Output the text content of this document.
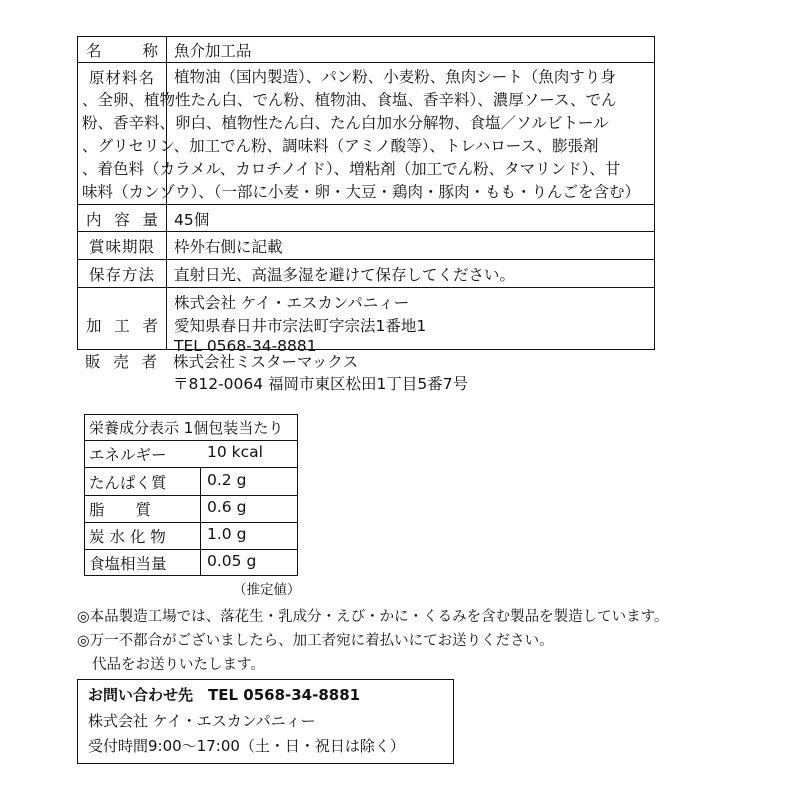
名	称 魚介加工品
原材料名	植物油（国内製造）、パン粉、小麦粉、魚肉シート（魚肉すり身
、全卵、植物性たん白、でん粉、植物油、食塩、香辛料）、濃厚ソース、でん
粉、香辛料、卵白、植物性たん白、たん白加水分解物、食塩／ソルビトール
、グリセリン、加工でん粉、調味料（アミノ酸等）、トレハロース、膨張剤
、着色料（カラメル、カロチノイド）、増粘剤（加工でん粉、タマリンド）、甘
味料（カンゾウ）、（一部に小麦・卵・大豆・鶏肉・豚肉・もも・りんごを含む）
内 容 量 45個
賞味期限	枠外右側に記載
保存方法	直射日光、高温多湿を避けて保存してください。
加 工 者
株式会社 ケイ・エスカンパニィー
愛知県春日井市宗法町字宗法1番地1
TEL 0568-34-8881
販 売 者 株式会社ミスターマックス
〒812-0064 福岡市東区松田1丁目5番7号
栄養成分表示 1個包装当たり
エネルギー	10 kcal
たんぱく質	0.2 g
脂　　質	0.6 g
炭 水 化 物	1.0 g
食塩相当量	0.05 g
（推定値）
◎本品製造工場では、落花生・乳成分・えび・かに・くるみを含む製品を製造しています。
◎万一不都合がございましたら、加工者宛に着払いにてお送りください。
代品をお送りいたします。
お問い合わせ先　TEL 0568-34-8881
株式会社 ケイ・エスカンパニィー
受付時間9:00〜17:00（土・日・祝日は除く）
